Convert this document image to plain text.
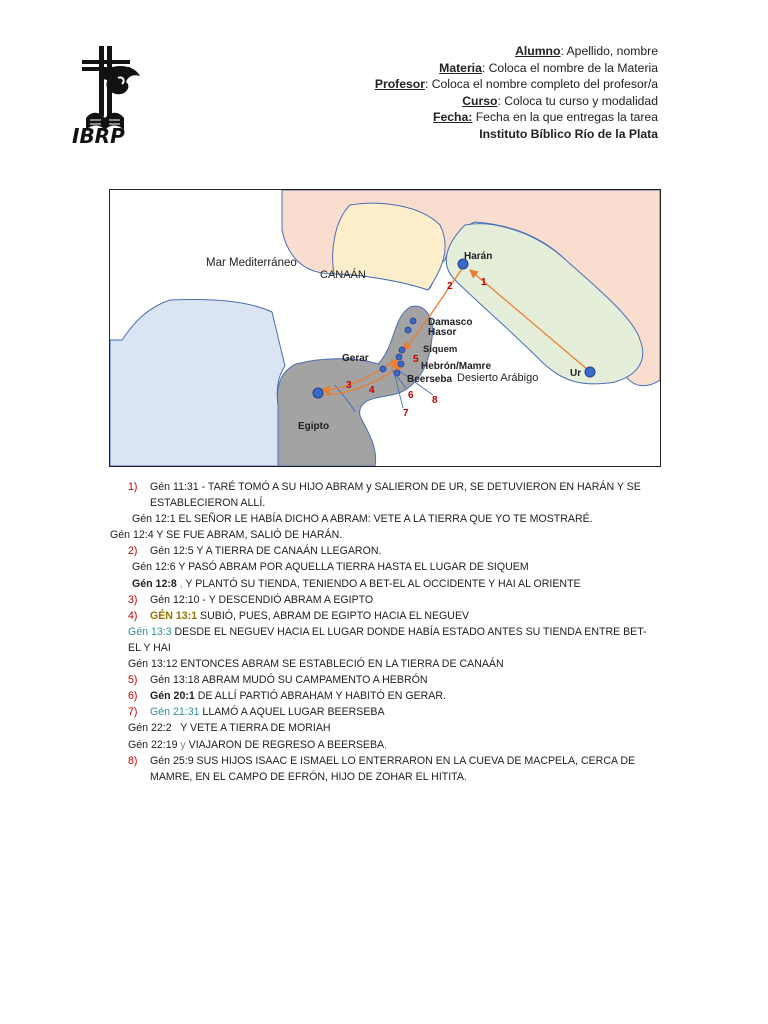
IBRP
Alumno: Apellido, nombre
Materia: Coloca el nombre de la Materia
Profesor: Coloca el nombre completo del profesor/a
Curso: Coloca tu curso y modalidad
Fecha: Fecha en la que entregas la tarea
Instituto Bíblico Río de la Plata
Mar Mediterráneo
CANAÁN
Harán
Damasco
Hasor
Siquem
Gerar
Hebrón/Mamre
Beerseba Desierto Arábigo	Ur
Egipto
1
2
3 4
5
6
7
8
1) Gén 11:31 - TARÉ TOMÓ A SU HIJO ABRAM y SALIERON DE UR, SE DETUVIERON EN HARÁN Y SE
ESTABLECIERON ALLÍ.
Gén 12:1 EL SEÑOR LE HABÍA DICHO A ABRAM: VETE A LA TIERRA QUE YO TE MOSTRARÉ.
Gén 12:4 Y SE FUE ABRAM, SALIÓ DE HARÁN.
2) Gén 12:5 Y A TIERRA DE CANAÁN LLEGARON.
Gén 12:6 Y PASÓ ABRAM POR AQUELLA TIERRA HASTA EL LUGAR DE SIQUEM
Gén 12:8 , Y PLANTÓ SU TIENDA, TENIENDO A BET-EL AL OCCIDENTE Y HAI AL ORIENTE
3) Gén 12:10 - Y DESCENDIÓ ABRAM A EGIPTO
4) GÉN 13:1 SUBIÓ, PUES, ABRAM DE EGIPTO HACIA EL NEGUEV
Gén 13:3 DESDE EL NEGUEV HACIA EL LUGAR DONDE HABÍA ESTADO ANTES SU TIENDA ENTRE BET-
EL Y HAI
Gén 13:12 ENTONCES ABRAM SE ESTABLECIÓ EN LA TIERRA DE CANAÁN
5) Gén 13:18 ABRAM MUDÓ SU CAMPAMENTO A HEBRÓN
6) Gén 20:1 DE ALLÍ PARTIÓ ABRAHAM Y HABITÓ EN GERAR.
7) Gén 21:31 LLAMÓ A AQUEL LUGAR BEERSEBA
Gén 22:2   Y VETE A TIERRA DE MORIAH
Gén 22:19 y VIAJARON DE REGRESO A BEERSEBA,
8) Gén 25:9 SUS HIJOS ISAAC E ISMAEL LO ENTERRARON EN LA CUEVA DE MACPELA, CERCA DE
MAMRE, EN EL CAMPO DE EFRÓN, HIJO DE ZOHAR EL HITITA.
